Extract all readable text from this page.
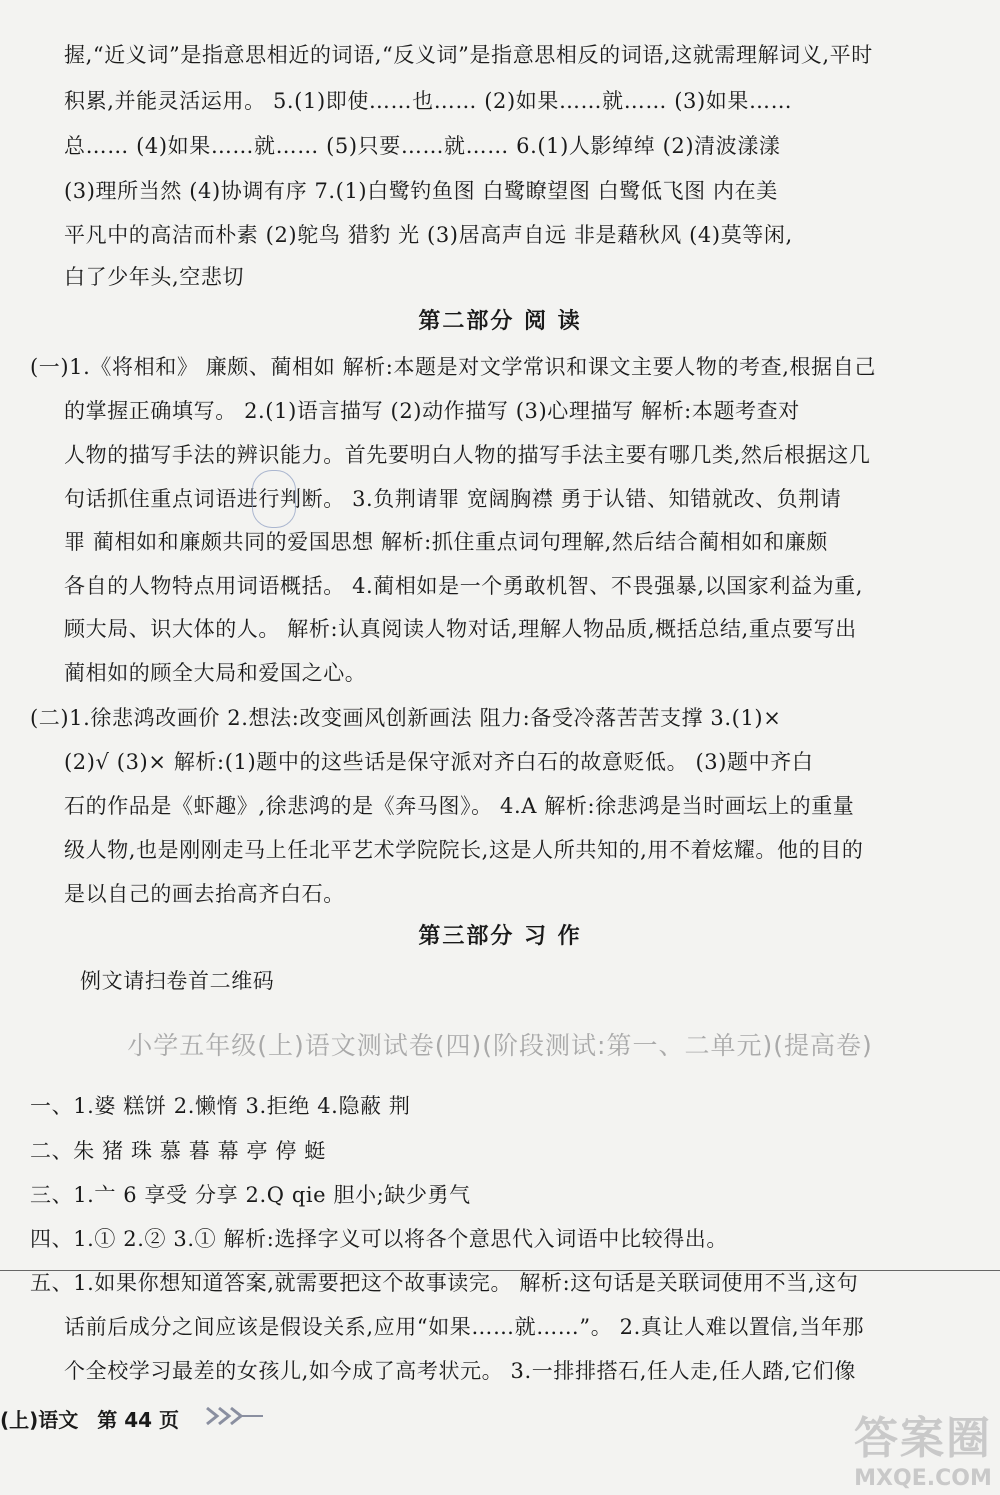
握,“近义词”是指意思相近的词语,“反义词”是指意思相反的词语,这就需理解词义,平时
积累,并能灵活运用。 5.(1)即使……也…… (2)如果……就…… (3)如果……
总…… (4)如果……就…… (5)只要……就…… 6.(1)人影绰绰 (2)清波漾漾
(3)理所当然 (4)协调有序 7.(1)白鹭钓鱼图 白鹭瞭望图 白鹭低飞图 内在美
平凡中的高洁而朴素 (2)鸵鸟 猎豹 光 (3)居高声自远 非是藉秋风 (4)莫等闲,
白了少年头,空悲切
第二部分 阅 读
(一)1.《将相和》 廉颇、蔺相如 解析:本题是对文学常识和课文主要人物的考查,根据自己
的掌握正确填写。 2.(1)语言描写 (2)动作描写 (3)心理描写 解析:本题考查对
人物的描写手法的辨识能力。首先要明白人物的描写手法主要有哪几类,然后根据这几
句话抓住重点词语进行判断。 3.负荆请罪 宽阔胸襟 勇于认错、知错就改、负荆请
罪 蔺相如和廉颇共同的爱国思想 解析:抓住重点词句理解,然后结合蔺相如和廉颇
各自的人物特点用词语概括。 4.蔺相如是一个勇敢机智、不畏强暴,以国家利益为重,
顾大局、识大体的人。 解析:认真阅读人物对话,理解人物品质,概括总结,重点要写出
蔺相如的顾全大局和爱国之心。
(二)1.徐悲鸿改画价 2.想法:改变画风创新画法 阻力:备受冷落苦苦支撑 3.(1)×
(2)√ (3)× 解析:(1)题中的这些话是保守派对齐白石的故意贬低。 (3)题中齐白
石的作品是《虾趣》,徐悲鸿的是《奔马图》。 4.A 解析:徐悲鸿是当时画坛上的重量
级人物,也是刚刚走马上任北平艺术学院院长,这是人所共知的,用不着炫耀。他的目的
是以自己的画去抬高齐白石。
第三部分 习 作
例文请扫卷首二维码
小学五年级(上)语文测试卷(四)(阶段测试:第一、二单元)(提高卷)
一、1.婆 糕饼 2.懒惰 3.拒绝 4.隐蔽 荆
二、朱 猪 珠 慕 暮 幕 亭 停 蜓
三、1.亠 6 享受 分享 2.Q qie 胆小;缺少勇气
四、1.① 2.② 3.① 解析:选择字义可以将各个意思代入词语中比较得出。
五、1.如果你想知道答案,就需要把这个故事读完。 解析:这句话是关联词使用不当,这句
话前后成分之间应该是假设关系,应用“如果……就……”。 2.真让人难以置信,当年那
个全校学习最差的女孩儿,如今成了高考状元。 3.一排排搭石,任人走,任人踏,它们像
(上)语文 第 44 页	答案圈
MXQE.COM
